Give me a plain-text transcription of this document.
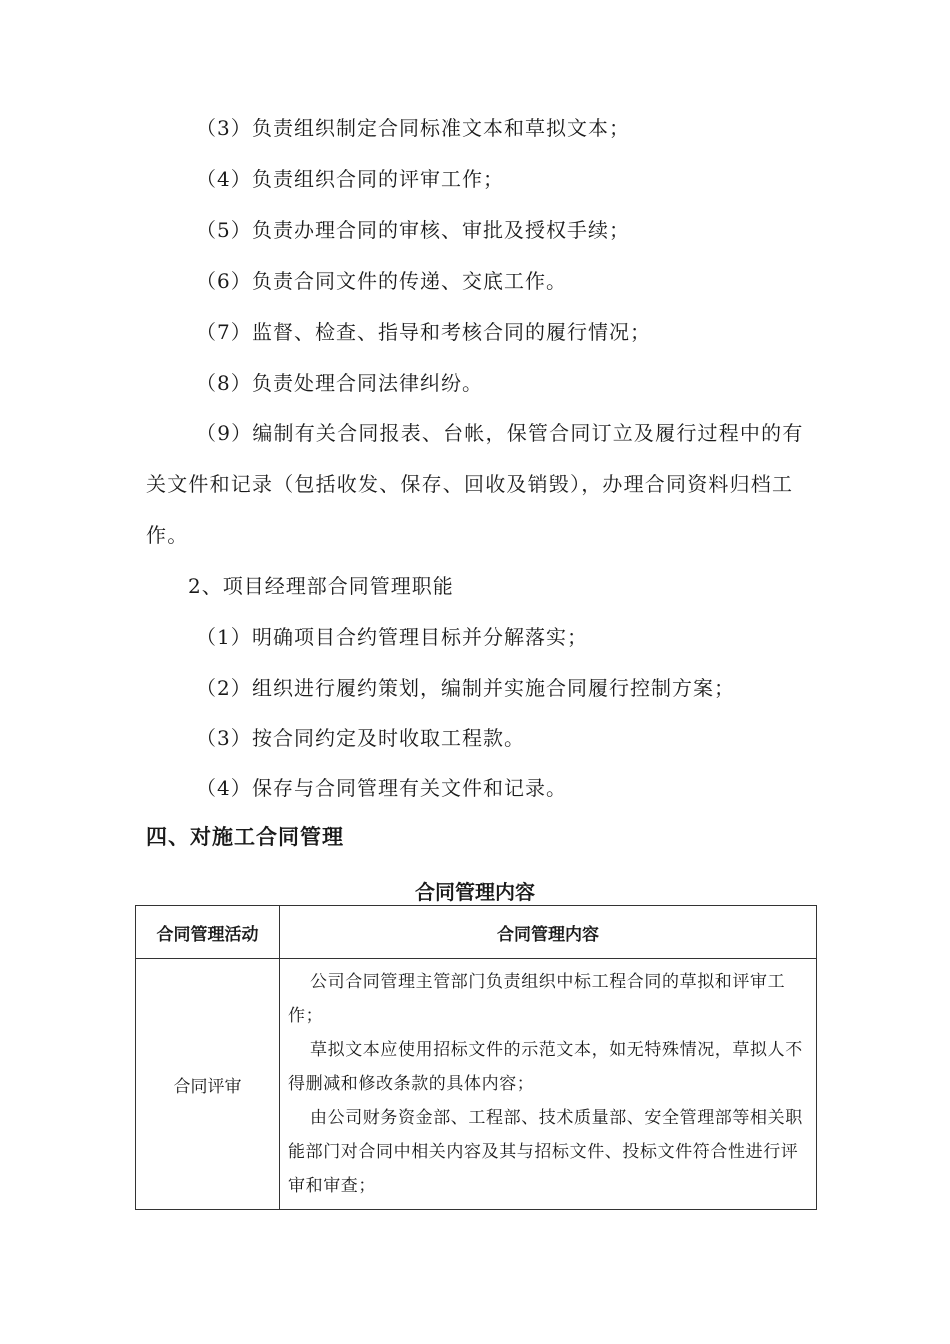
（3）负责组织制定合同标准文本和草拟文本；
（4）负责组织合同的评审工作；
（5）负责办理合同的审核、审批及授权手续；
（6）负责合同文件的传递、交底工作。
（7）监督、检查、指导和考核合同的履行情况；
（8）负责处理合同法律纠纷。
（9）编制有关合同报表、台帐，保管合同订立及履行过程中的有关文件和记录（包括收发、保存、回收及销毁），办理合同资料归档工作。
2、项目经理部合同管理职能
（1）明确项目合约管理目标并分解落实；
（2）组织进行履约策划，编制并实施合同履行控制方案；
（3）按合同约定及时收取工程款。
（4）保存与合同管理有关文件和记录。
四、对施工合同管理
合同管理内容
合同管理活动	合同管理内容
合同评审	公司合同管理主管部门负责组织中标工程合同的草拟和评审工作；

草拟文本应使用招标文件的示范文本，如无特殊情况，草拟人不得删减和修改条款的具体内容；

由公司财务资金部、工程部、技术质量部、安全管理部等相关职能部门对合同中相关内容及其与招标文件、投标文件符合性进行评审和审查；
